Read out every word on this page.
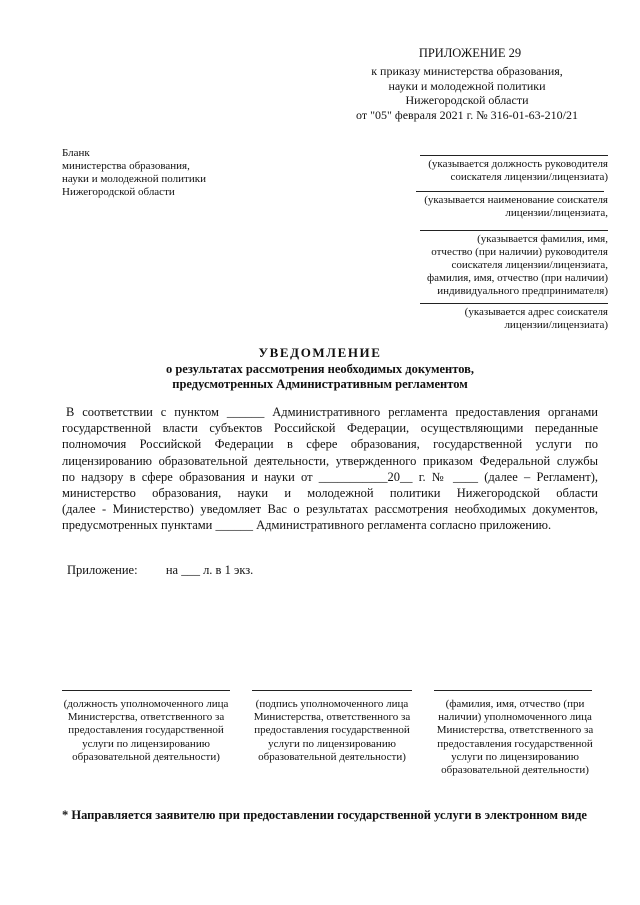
ПРИЛОЖЕНИЕ 29
к приказу министерства образования,
науки и молодежной политики
Нижегородской области
от "05" февраля 2021 г. № 316-01-63-210/21
Бланк
министерства образования,
науки и молодежной политики
Нижегородской области
(указывается должность руководителя
соискателя лицензии/лицензиата)
(указывается наименование соискателя
лицензии/лицензиата,
(указывается фамилия, имя,
отчество (при наличии) руководителя
соискателя лицензии/лицензиата,
фамилия, имя, отчество (при наличии)
индивидуального предпринимателя)
(указывается адрес соискателя
лицензии/лицензиата)
УВЕДОМЛЕНИЕ
о результатах рассмотрения необходимых документов,
предусмотренных Административным регламентом
В соответствии с пунктом ______ Административного регламента предоставления органами
государственной власти субъектов Российской Федерации, осуществляющими переданные
полномочия Российской Федерации в сфере образования, государственной услуги по
лицензированию образовательной деятельности, утвержденного приказом Федеральной службы
по надзору в сфере образования и науки от ___________20__ г. № ____ (далее – Регламент),
министерство образования, науки и молодежной политики Нижегородской области
(далее - Министерство) уведомляет Вас о результатах рассмотрения необходимых документов,
предусмотренных пунктами ______ Административного регламента согласно приложению.
Приложение: на ___ л. в 1 экз.
(должность уполномоченного лица
Министерства, ответственного за
предоставления государственной
услуги по лицензированию
образовательной деятельности)
(подпись уполномоченного лица
Министерства, ответственного за
предоставления государственной
услуги по лицензированию
образовательной деятельности)
(фамилия, имя, отчество (при
наличии) уполномоченного лица
Министерства, ответственного за
предоставления государственной
услуги по лицензированию
образовательной деятельности)
* Направляется заявителю при предоставлении государственной услуги в электронном виде
